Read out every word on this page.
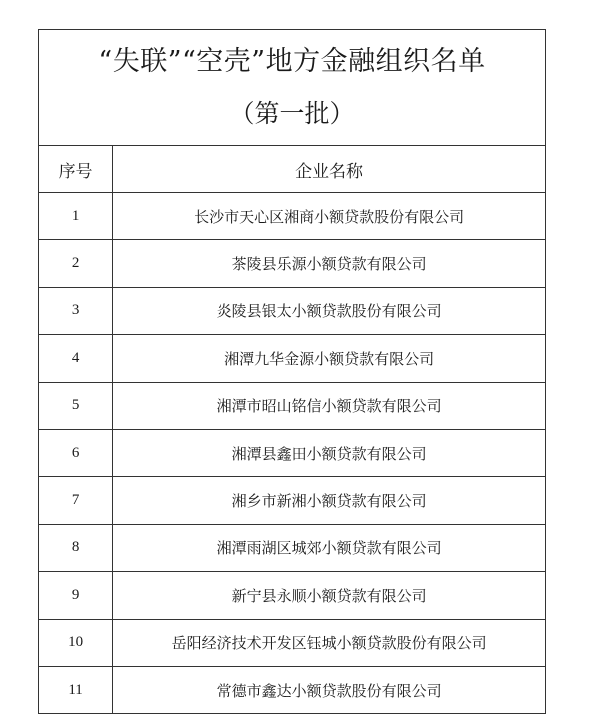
“失联”“空壳”地方金融组织名单
（第一批）	

序号	企业名称
1	长沙市天心区湘商小额贷款股份有限公司
2	茶陵县乐源小额贷款有限公司
3	炎陵县银太小额贷款股份有限公司
4	湘潭九华金源小额贷款有限公司
5	湘潭市昭山铭信小额贷款有限公司
6	湘潭县鑫田小额贷款有限公司
7	湘乡市新湘小额贷款有限公司
8	湘潭雨湖区城郊小额贷款有限公司
9	新宁县永顺小额贷款有限公司
10	岳阳经济技术开发区钰城小额贷款股份有限公司
11	常德市鑫达小额贷款股份有限公司
